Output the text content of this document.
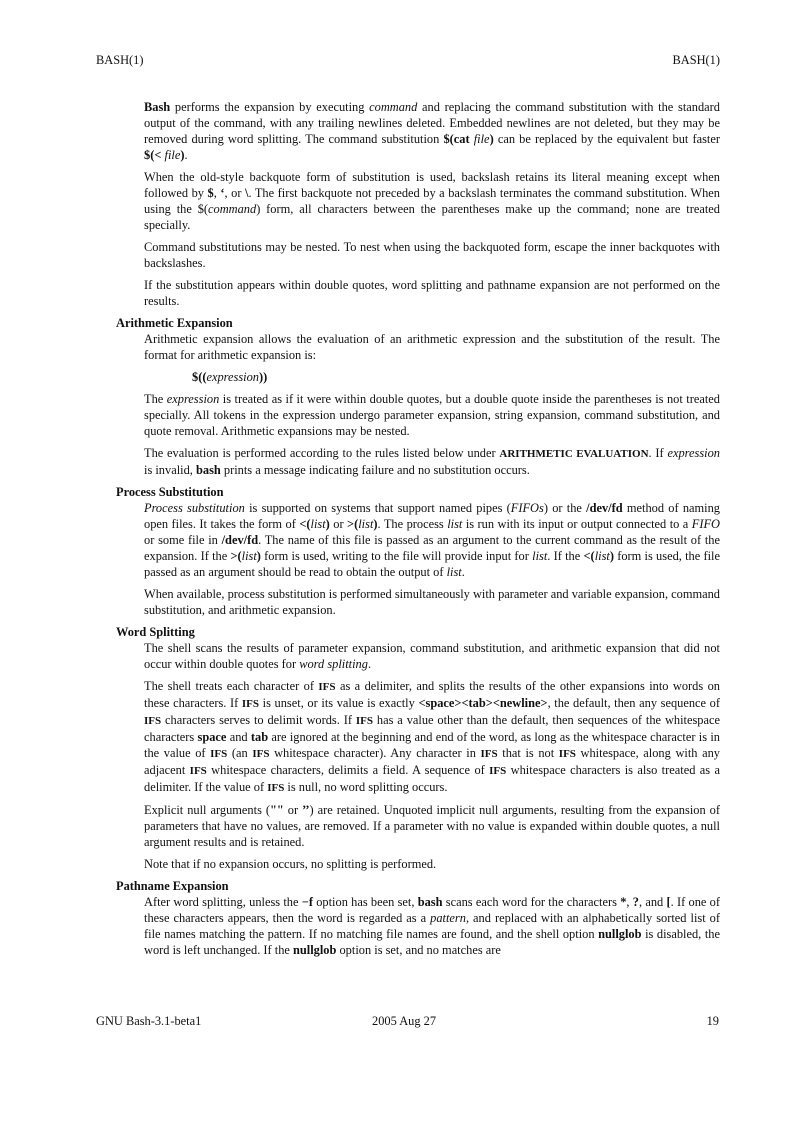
BASH(1)	BASH(1)

Bash performs the expansion by executing command and replacing the command substitution with the standard output of the command, with any trailing newlines deleted. Embedded newlines are not deleted, but they may be removed during word splitting. The command substitution $(cat file) can be replaced by the equivalent but faster $(< file).

When the old-style backquote form of substitution is used, backslash retains its literal meaning except when followed by $, ‘, or \. The first backquote not preceded by a backslash terminates the command substitution. When using the $(command) form, all characters between the parentheses make up the command; none are treated specially.

Command substitutions may be nested. To nest when using the backquoted form, escape the inner backquotes with backslashes.

If the substitution appears within double quotes, word splitting and pathname expansion are not performed on the results.

Arithmetic Expansion

Arithmetic expansion allows the evaluation of an arithmetic expression and the substitution of the result. The format for arithmetic expansion is:

$((expression))

The expression is treated as if it were within double quotes, but a double quote inside the parentheses is not treated specially. All tokens in the expression undergo parameter expansion, string expansion, command substitution, and quote removal. Arithmetic expansions may be nested.

The evaluation is performed according to the rules listed below under ARITHMETIC EVALUATION. If expression is invalid, bash prints a message indicating failure and no substitution occurs.

Process Substitution

Process substitution is supported on systems that support named pipes (FIFOs) or the /dev/fd method of naming open files. It takes the form of <(list) or >(list). The process list is run with its input or output connected to a FIFO or some file in /dev/fd. The name of this file is passed as an argument to the current command as the result of the expansion. If the >(list) form is used, writing to the file will provide input for list. If the <(list) form is used, the file passed as an argument should be read to obtain the output of list.

When available, process substitution is performed simultaneously with parameter and variable expansion, command substitution, and arithmetic expansion.

Word Splitting

The shell scans the results of parameter expansion, command substitution, and arithmetic expansion that did not occur within double quotes for word splitting.

The shell treats each character of IFS as a delimiter, and splits the results of the other expansions into words on these characters. If IFS is unset, or its value is exactly <space><tab><newline>, the default, then any sequence of IFS characters serves to delimit words. If IFS has a value other than the default, then sequences of the whitespace characters space and tab are ignored at the beginning and end of the word, as long as the whitespace character is in the value of IFS (an IFS whitespace character). Any character in IFS that is not IFS whitespace, along with any adjacent IFS whitespace characters, delimits a field. A sequence of IFS whitespace characters is also treated as a delimiter. If the value of IFS is null, no word splitting occurs.

Explicit null arguments ("" or ’’) are retained. Unquoted implicit null arguments, resulting from the expansion of parameters that have no values, are removed. If a parameter with no value is expanded within double quotes, a null argument results and is retained.

Note that if no expansion occurs, no splitting is performed.

Pathname Expansion

After word splitting, unless the −f option has been set, bash scans each word for the characters *, ?, and [. If one of these characters appears, then the word is regarded as a pattern, and replaced with an alphabetically sorted list of file names matching the pattern. If no matching file names are found, and the shell option nullglob is disabled, the word is left unchanged. If the nullglob option is set, and no matches are

GNU Bash-3.1-beta1	2005 Aug 27	19
